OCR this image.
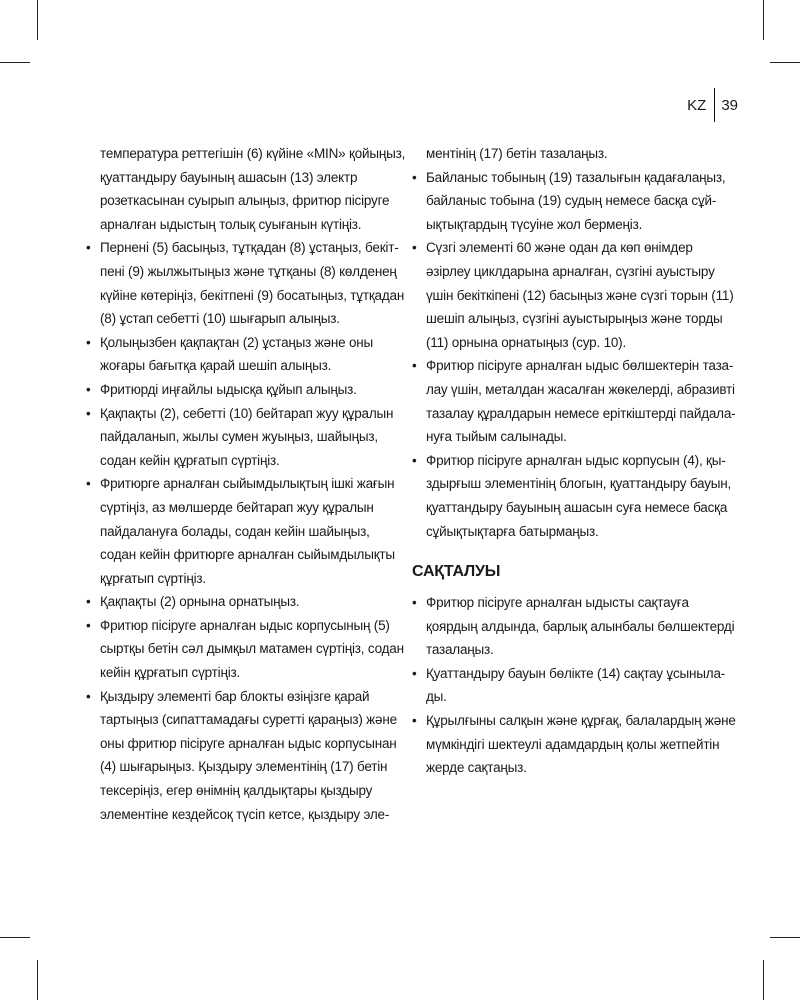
KZ	39
температура реттегішін (6) күйіне «MIN» қойыңыз,
қуаттандыру бауының ашасын (13) электр
розеткасынан суырып алыңыз, фритюр пісіруге
арналған ыдыстың толық суығанын күтіңіз.
• Пернені (5) басыңыз, тұтқадан (8) ұстаңыз, бекіт-
пені (9) жылжытыңыз және тұтқаны (8) көлденең
күйіне көтеріңіз, бекітпені (9) босатыңыз, тұтқадан
(8) ұстап себетті (10) шығарып алыңыз.
• Қолыңызбен қақпақтан (2) ұстаңыз және оны
жоғары бағытқа қарай шешіп алыңыз.
• Фритюрді иңғайлы ыдысқа құйып алыңыз.
• Қақпақты (2), себетті (10) бейтарап жуу құралын
пайдаланып, жылы сумен жуыңыз, шайыңыз,
содан кейін құрғатып сүртіңіз.
• Фритюрге арналған сыйымдылықтың ішкі жағын
сүртіңіз, аз мөлшерде бейтарап жуу құралын
пайдалануға болады, содан кейін шайыңыз,
содан кейін фритюрге арналған сыйымдылықты
құрғатып сүртіңіз.
• Қақпақты (2) орнына орнатыңыз.
• Фритюр пісіруге арналған ыдыс корпусының (5)
сыртқы бетін сәл дымқыл матамен сүртіңіз, содан
кейін құрғатып сүртіңіз.
• Қыздыру элементі бар блокты өзіңізге қарай
тартыңыз (сипаттамадағы суретті қараңыз) және
оны фритюр пісіруге арналған ыдыс корпусынан
(4) шығарыңыз. Қыздыру элементінің (17) бетін
тексеріңіз, егер өнімнің қалдықтары қыздыру
элементіне кездейсоқ түсіп кетсе, қыздыру эле-
ментінің (17) бетін тазалаңыз.
• Байланыс тобының (19) тазалығын қадағалаңыз,
байланыс тобына (19) судың немесе басқа сұй-
ықтықтардың түсуіне жол бермеңіз.
• Сүзгі элементі 60 және одан да көп өнімдер
әзірлеу циклдарына арналған, сүзгіні ауыстыру
үшін бекіткіпені (12) басыңыз және сүзгі торын (11)
шешіп алыңыз, сүзгіні ауыстырыңыз және торды
(11) орнына орнатыңыз (сур. 10).
• Фритюр пісіруге арналған ыдыс бөлшектерін таза-
лау үшін, металдан жасалған жөкелерді, абразивті
тазалау құралдарын немесе еріткіштерді пайдала-
нуға тыйым салынады.
• Фритюр пісіруге арналған ыдыс корпусын (4), қы-
здырғыш элементінің блогын, қуаттандыру бауын,
қуаттандыру бауының ашасын суға немесе басқа
сұйықтықтарға батырмаңыз.
САҚТАЛУЫ
• Фритюр пісіруге арналған ыдысты сақтауға
қоярдың алдында, барлық алынбалы бөлшектерді
тазалаңыз.
• Қуаттандыру бауын бөлікте (14) сақтау ұсыныла-
ды.
• Құрылғыны салқын және құрғақ, балалардың және
мүмкіндігі шектеулі адамдардың қолы жетпейтін
жерде сақтаңыз.
